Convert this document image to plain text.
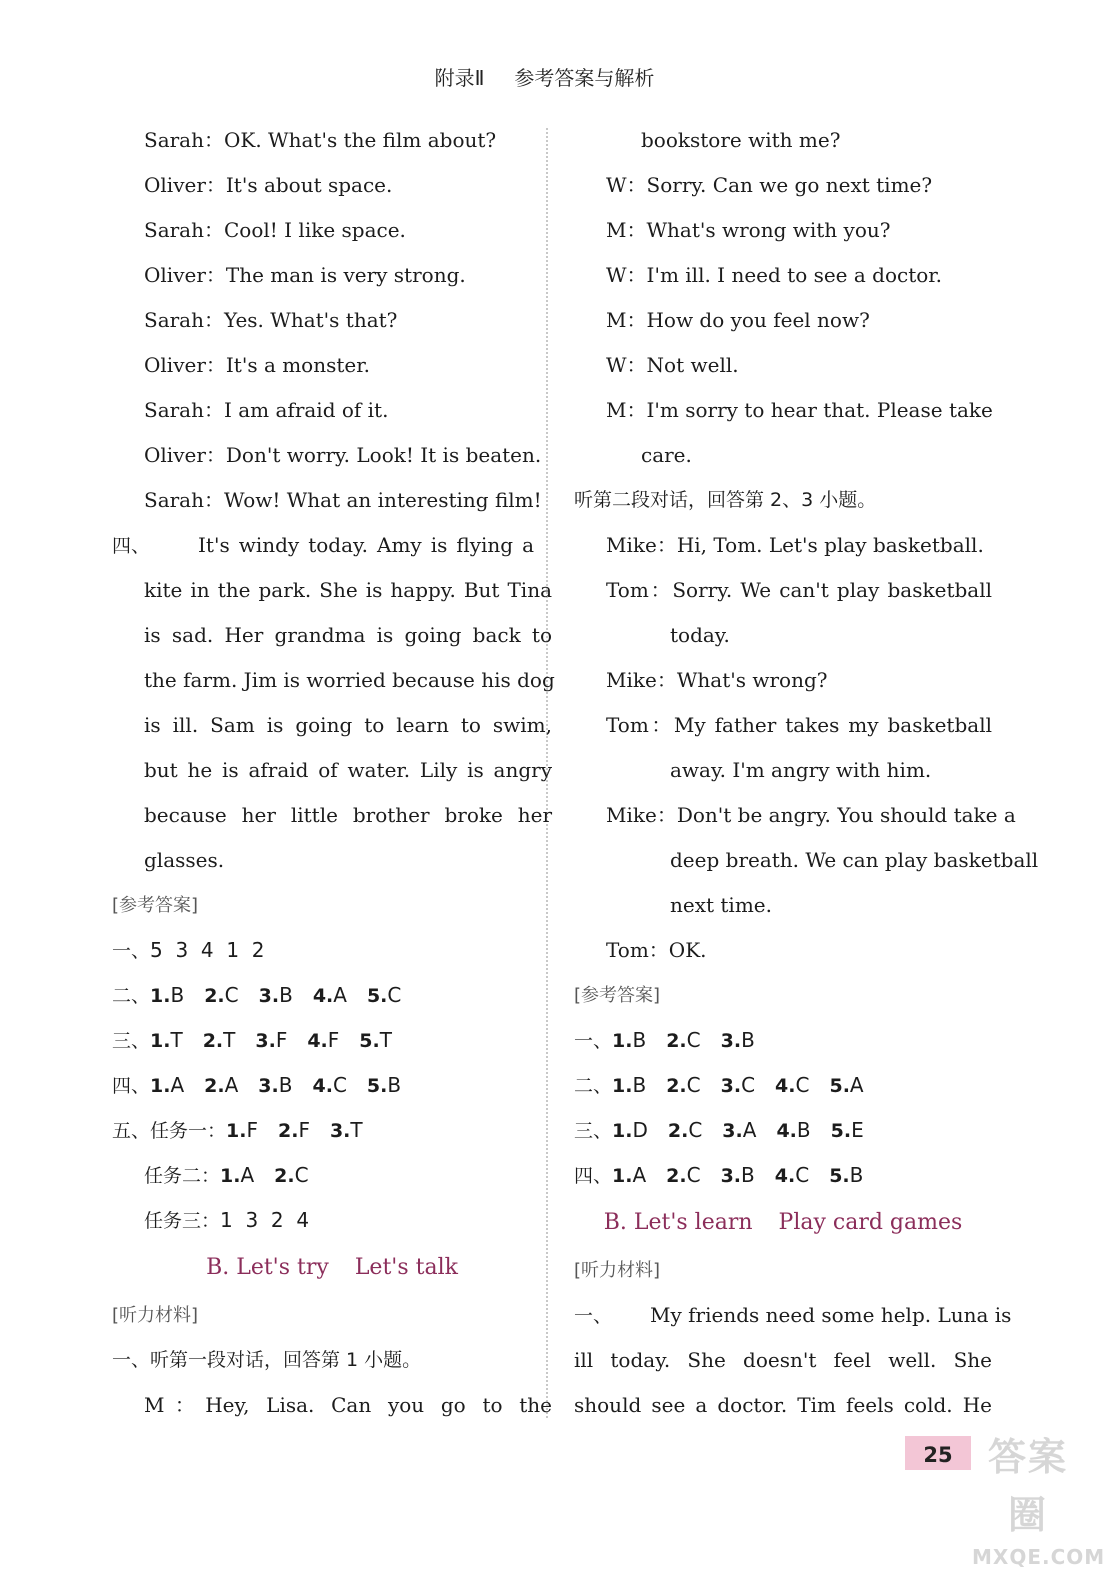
附录Ⅱ 参考答案与解析
Sarah：OK. What's the film about?
Oliver：It's about space.
Sarah：Cool! I like space.
Oliver：The man is very strong.
Sarah：Yes. What's that?
Oliver：It's a monster.
Sarah：I am afraid of it.
Oliver：Don't worry. Look! It is beaten.
Sarah：Wow! What an interesting film!
四、 It's windy today. Amy is flying a
kite in the park. She is happy. But Tina
is sad. Her grandma is going back to
the farm. Jim is worried because his dog
is ill. Sam is going to learn to swim,
but he is afraid of water. Lily is angry
because her little brother broke her
glasses.
[参考答案]
一、5  3  4  1  2
二、1.B 2.C 3.B 4.A 5.C
三、1.T 2.T 3.F 4.F 5.T
四、1.A 2.A 3.B 4.C 5.B
五、任务一：1.F 2.F 3.T
任务二：1.A 2.C
任务三：1  3  2  4
B. Let's try Let's talk
[听力材料]
一、听第一段对话，回答第 1 小题。
M：Hey, Lisa. Can you go to the
bookstore with me?
W：Sorry. Can we go next time?
M：What's wrong with you?
W：I'm ill. I need to see a doctor.
M：How do you feel now?
W：Not well.
M：I'm sorry to hear that. Please take
care.
听第二段对话，回答第 2、3 小题。
Mike：Hi, Tom. Let's play basketball.
Tom：Sorry. We can't play basketball
today.
Mike：What's wrong?
Tom：My father takes my basketball
away. I'm angry with him.
Mike：Don't be angry. You should take a
deep breath. We can play basketball
next time.
Tom：OK.
[参考答案]
一、1.B 2.C 3.B
二、1.B 2.C 3.C 4.C 5.A
三、1.D 2.C 3.A 4.B 5.E
四、1.A 2.C 3.B 4.C 5.B
B. Let's learn Play card games
[听力材料]
一、 My friends need some help. Luna is
ill today. She doesn't feel well. She
should see a doctor. Tim feels cold. He
25 答案圈
MXQE.COM
